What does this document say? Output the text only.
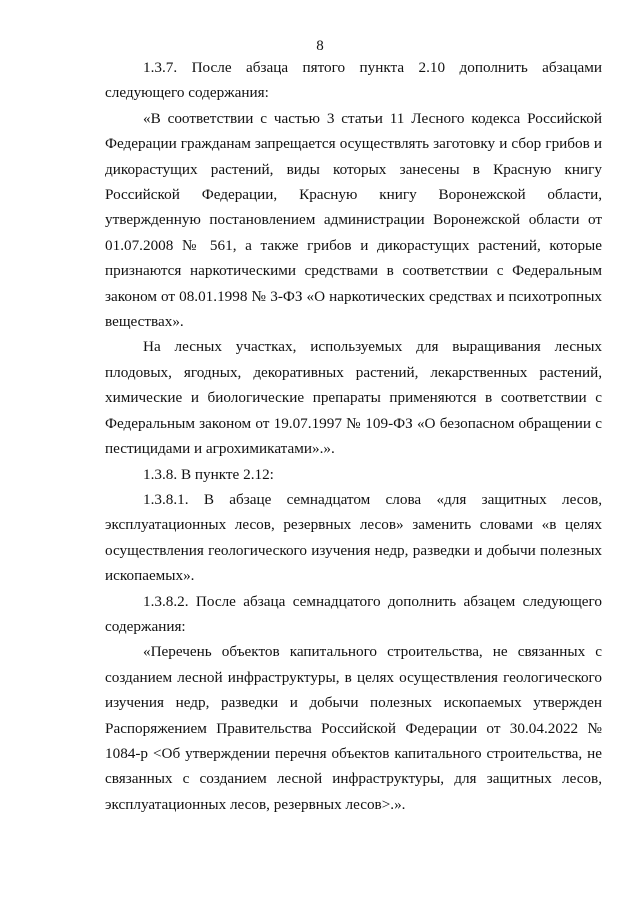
8

1.3.7. После абзаца пятого пункта 2.10 дополнить абзацами следующего содержания:

«В соответствии с частью 3 статьи 11 Лесного кодекса Российской Федерации гражданам запрещается осуществлять заготовку и сбор грибов и дикорастущих растений, виды которых занесены в Красную книгу Российской Федерации, Красную книгу Воронежской области, утвержденную постановлением администрации Воронежской области от 01.07.2008 № 561, а также грибов и дикорастущих растений, которые признаются наркотическими средствами в соответствии с Федеральным законом от 08.01.1998 № 3-ФЗ «О наркотических средствах и психотропных веществах».

На лесных участках, используемых для выращивания лесных плодовых, ягодных, декоративных растений, лекарственных растений, химические и биологические препараты применяются в соответствии с Федеральным законом от 19.07.1997 № 109-ФЗ «О безопасном обращении с пестицидами и агрохимикатами».».

1.3.8. В пункте 2.12:

1.3.8.1. В абзаце семнадцатом слова «для защитных лесов, эксплуатационных лесов, резервных лесов» заменить словами «в целях осуществления геологического изучения недр, разведки и добычи полезных ископаемых».

1.3.8.2. После абзаца семнадцатого дополнить абзацем следующего содержания:

«Перечень объектов капитального строительства, не связанных с созданием лесной инфраструктуры, в целях осуществления геологического изучения недр, разведки и добычи полезных ископаемых утвержден Распоряжением Правительства Российской Федерации от 30.04.2022 № 1084-р <Об утверждении перечня объектов капитального строительства, не связанных с созданием лесной инфраструктуры, для защитных лесов, эксплуатационных лесов, резервных лесов>.».
